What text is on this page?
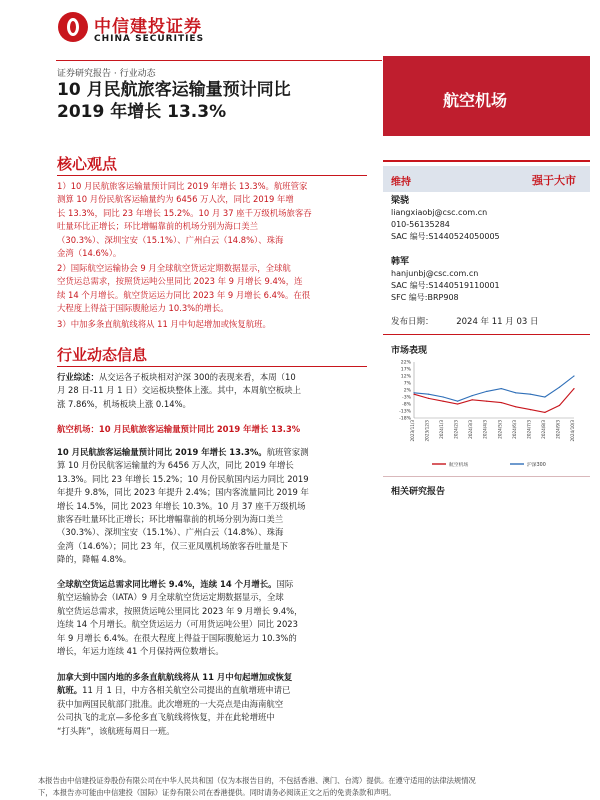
中信建投证券
CHINA SECURITIES
证券研究报告 · 行业动态
10 月民航旅客运输量预计同比
2019 年增长 13.3%
航空机场
核心观点
1）10 月民航旅客运输量预计同比 2019 年增长 13.3%。航班管家
测算 10 月份民航客运输量约为 6456 万人次，同比 2019 年增
长 13.3%，同比 23 年增长 15.2%。10 月 37 座千万级机场旅客吞
吐量环比正增长；环比增幅靠前的机场分别为海口美兰
（30.3%）、深圳宝安（15.1%）、广州白云（14.8%）、珠海
金湾（14.6%）。
2）国际航空运输协会 9 月全球航空货运定期数据显示，全球航
空货运总需求，按照货运吨公里同比 2023 年 9 月增长 9.4%，连
续 14 个月增长。航空货运运力同比 2023 年 9 月增长 6.4%。在很
大程度上得益于国际腹舱运力 10.3%的增长。
3）中加多条直航航线将从 11 月中旬起增加或恢复航班。
行业动态信息
行业综述：从交运各子板块相对沪深 300的表现来看，本周（10
月 28 日-11 月 1 日）交运板块整体上涨。其中，本周航空板块上
涨 7.86%，机场板块上涨 0.14%。
航空机场：10 月民航旅客运输量预计同比 2019 年增长 13.3%
10 月民航旅客运输量预计同比 2019 年增长 13.3%。航班管家测
算 10 月份民航客运输量约为 6456 万人次，同比 2019 年增长
13.3%。同比 23 年增长 15.2%；10 月份民航国内运力同比 2019
年提升 9.8%，同比 2023 年提升 2.4%；国内客流量同比 2019 年
增长 14.5%，同比 2023 年增长 10.3%。10 月 37 座千万级机场
旅客吞吐量环比正增长；环比增幅靠前的机场分别为海口美兰
（30.3%）、深圳宝安（15.1%）、广州白云（14.8%）、珠海
金湾（14.6%）；同比 23 年，仅三亚凤凰机场旅客吞吐量是下
降的，降幅 4.8%。
全球航空货运总需求同比增长 9.4%，连续 14 个月增长。国际
航空运输协会（IATA）9 月全球航空货运定期数据显示，全球
航空货运总需求，按照货运吨公里同比 2023 年 9 月增长 9.4%，
连续 14 个月增长。航空货运运力（可用货运吨公里）同比 2023
年 9 月增长 6.4%。在很大程度上得益于国际腹舱运力 10.3%的
增长，年运力连续 41 个月保持两位数增长。
加拿大到中国内地的多条直航航线将从 11 月中旬起增加或恢复
航班。11 月 1 日，中方各相关航空公司提出的直航增班申请已
获中加两国民航部门批准。此次增班的一大亮点是由海南航空
公司执飞的北京—多伦多直飞航线将恢复，并在此轮增班中
“打头阵”，该航班每周日一班。
维持	强于大市
梁骁
liangxiaobj@csc.com.cn
010-56135284
SAC 编号:S1440524050005
韩军
hanjunbj@csc.com.cn
SAC 编号:S1440519110001
SFC 编号:BRP908
发布日期：	2024 年 11 月 03 日
市场表现
22%
17%
12%
7%
2%
-3%
-8%
-13%
-18%
2023/11/3 2023/12/3 2024/1/3 2024/2/3 2024/3/3 2024/4/3 2024/5/3 2024/6/3 2024/7/3 2024/8/3 2024/9/3 2024/10/3
航空机场	沪深300
相关研究报告
本报告由中信建投证券股份有限公司在中华人民共和国（仅为本报告目的，不包括香港、澳门、台湾）提供。在遵守适用的法律法规情况
下，本报告亦可能由中信建投（国际）证券有限公司在香港提供。同时请务必阅读正文之后的免责条款和声明。
